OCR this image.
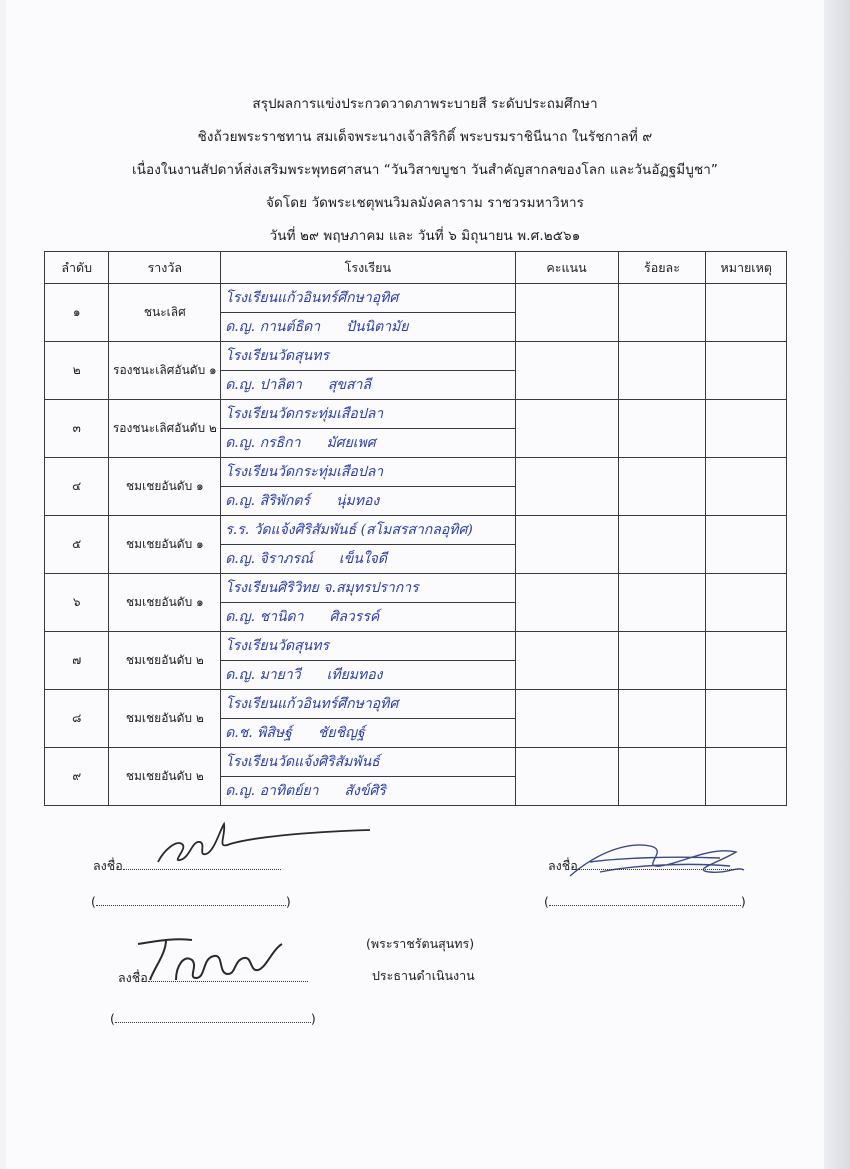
สรุปผลการแข่งประกวดวาดภาพระบายสี ระดับประถมศึกษา
ชิงถ้วยพระราชทาน สมเด็จพระนางเจ้าสิริกิติ์ พระบรมราชินีนาถ ในรัชกาลที่ ๙
เนื่องในงานสัปดาห์ส่งเสริมพระพุทธศาสนา “วันวิสาขบูชา วันสำคัญสากลของโลก และวันอัฏฐมีบูชา”
จัดโดย วัดพระเชตุพนวิมลมังคลาราม ราชวรมหาวิหาร
วันที่ ๒๙ พฤษภาคม และ วันที่ ๖ มิถุนายน พ.ศ.๒๕๖๑
ลำดับ	รางวัล	โรงเรียน	คะแนน	ร้อยละ	หมายเหตุ
๑	ชนะเลิศ	โรงเรียนแก้วอินทร์ศึกษาอุทิศ
ด.ญ. กานต์ธิดา ปันนิตามัย			

๒	รองชนะเลิศอันดับ ๑	โรงเรียนวัดสุนทร
ด.ญ. ปาลิตา สุขสาลี			

๓	รองชนะเลิศอันดับ ๒	โรงเรียนวัดกระทุ่มเสือปลา
ด.ญ. กรธิกา มัศยเพศ			

๔	ชมเชยอันดับ ๑	โรงเรียนวัดกระทุ่มเสือปลา
ด.ญ. สิริพักตร์ นุ่มทอง			

๕	ชมเชยอันดับ ๑	ร.ร. วัดแจ้งศิริสัมพันธ์ (สโมสรสากลอุทิศ)
ด.ญ. จิราภรณ์ เข็นใจดี			

๖	ชมเชยอันดับ ๑	โรงเรียนศิริวิทย จ.สมุทรปราการ
ด.ญ. ชานิดา ศิลวรรค์			

๗	ชมเชยอันดับ ๒	โรงเรียนวัดสุนทร
ด.ญ. มายาวี เทียมทอง			

๘	ชมเชยอันดับ ๒	โรงเรียนแก้วอินทร์ศึกษาอุทิศ
ด.ช. พิสิษฐ์ ชัยชิญฐ์			

๙	ชมเชยอันดับ ๒	โรงเรียนวัดแจ้งศิริสัมพันธ์
ด.ญ. อาทิตย์ยา สังข์ศิริ			

ลงชื่อ
(	)
ลงชื่อ
(	)
ลงชื่อ
(	)
(พระราชรัตนสุนทร)
ประธานดำเนินงาน
